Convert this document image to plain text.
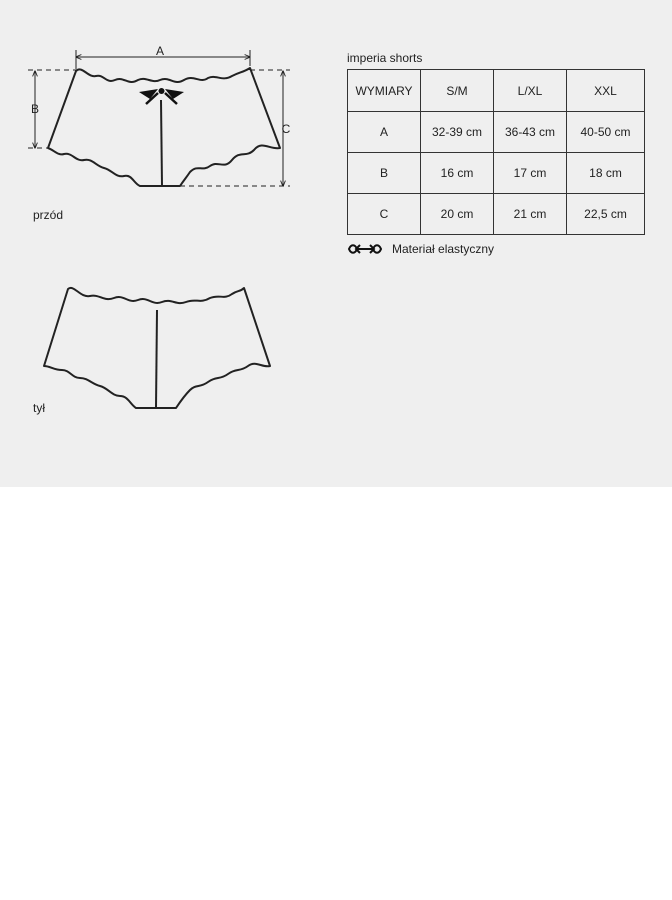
A
B
C
imperia shorts
przód
tył
WYMIARY	S/M	L/XL	XXL
A	32-39 cm	36-43 cm	40-50 cm
B	16 cm	17 cm	18 cm
C	20 cm	21 cm	22,5 cm
Materiał elastyczny
